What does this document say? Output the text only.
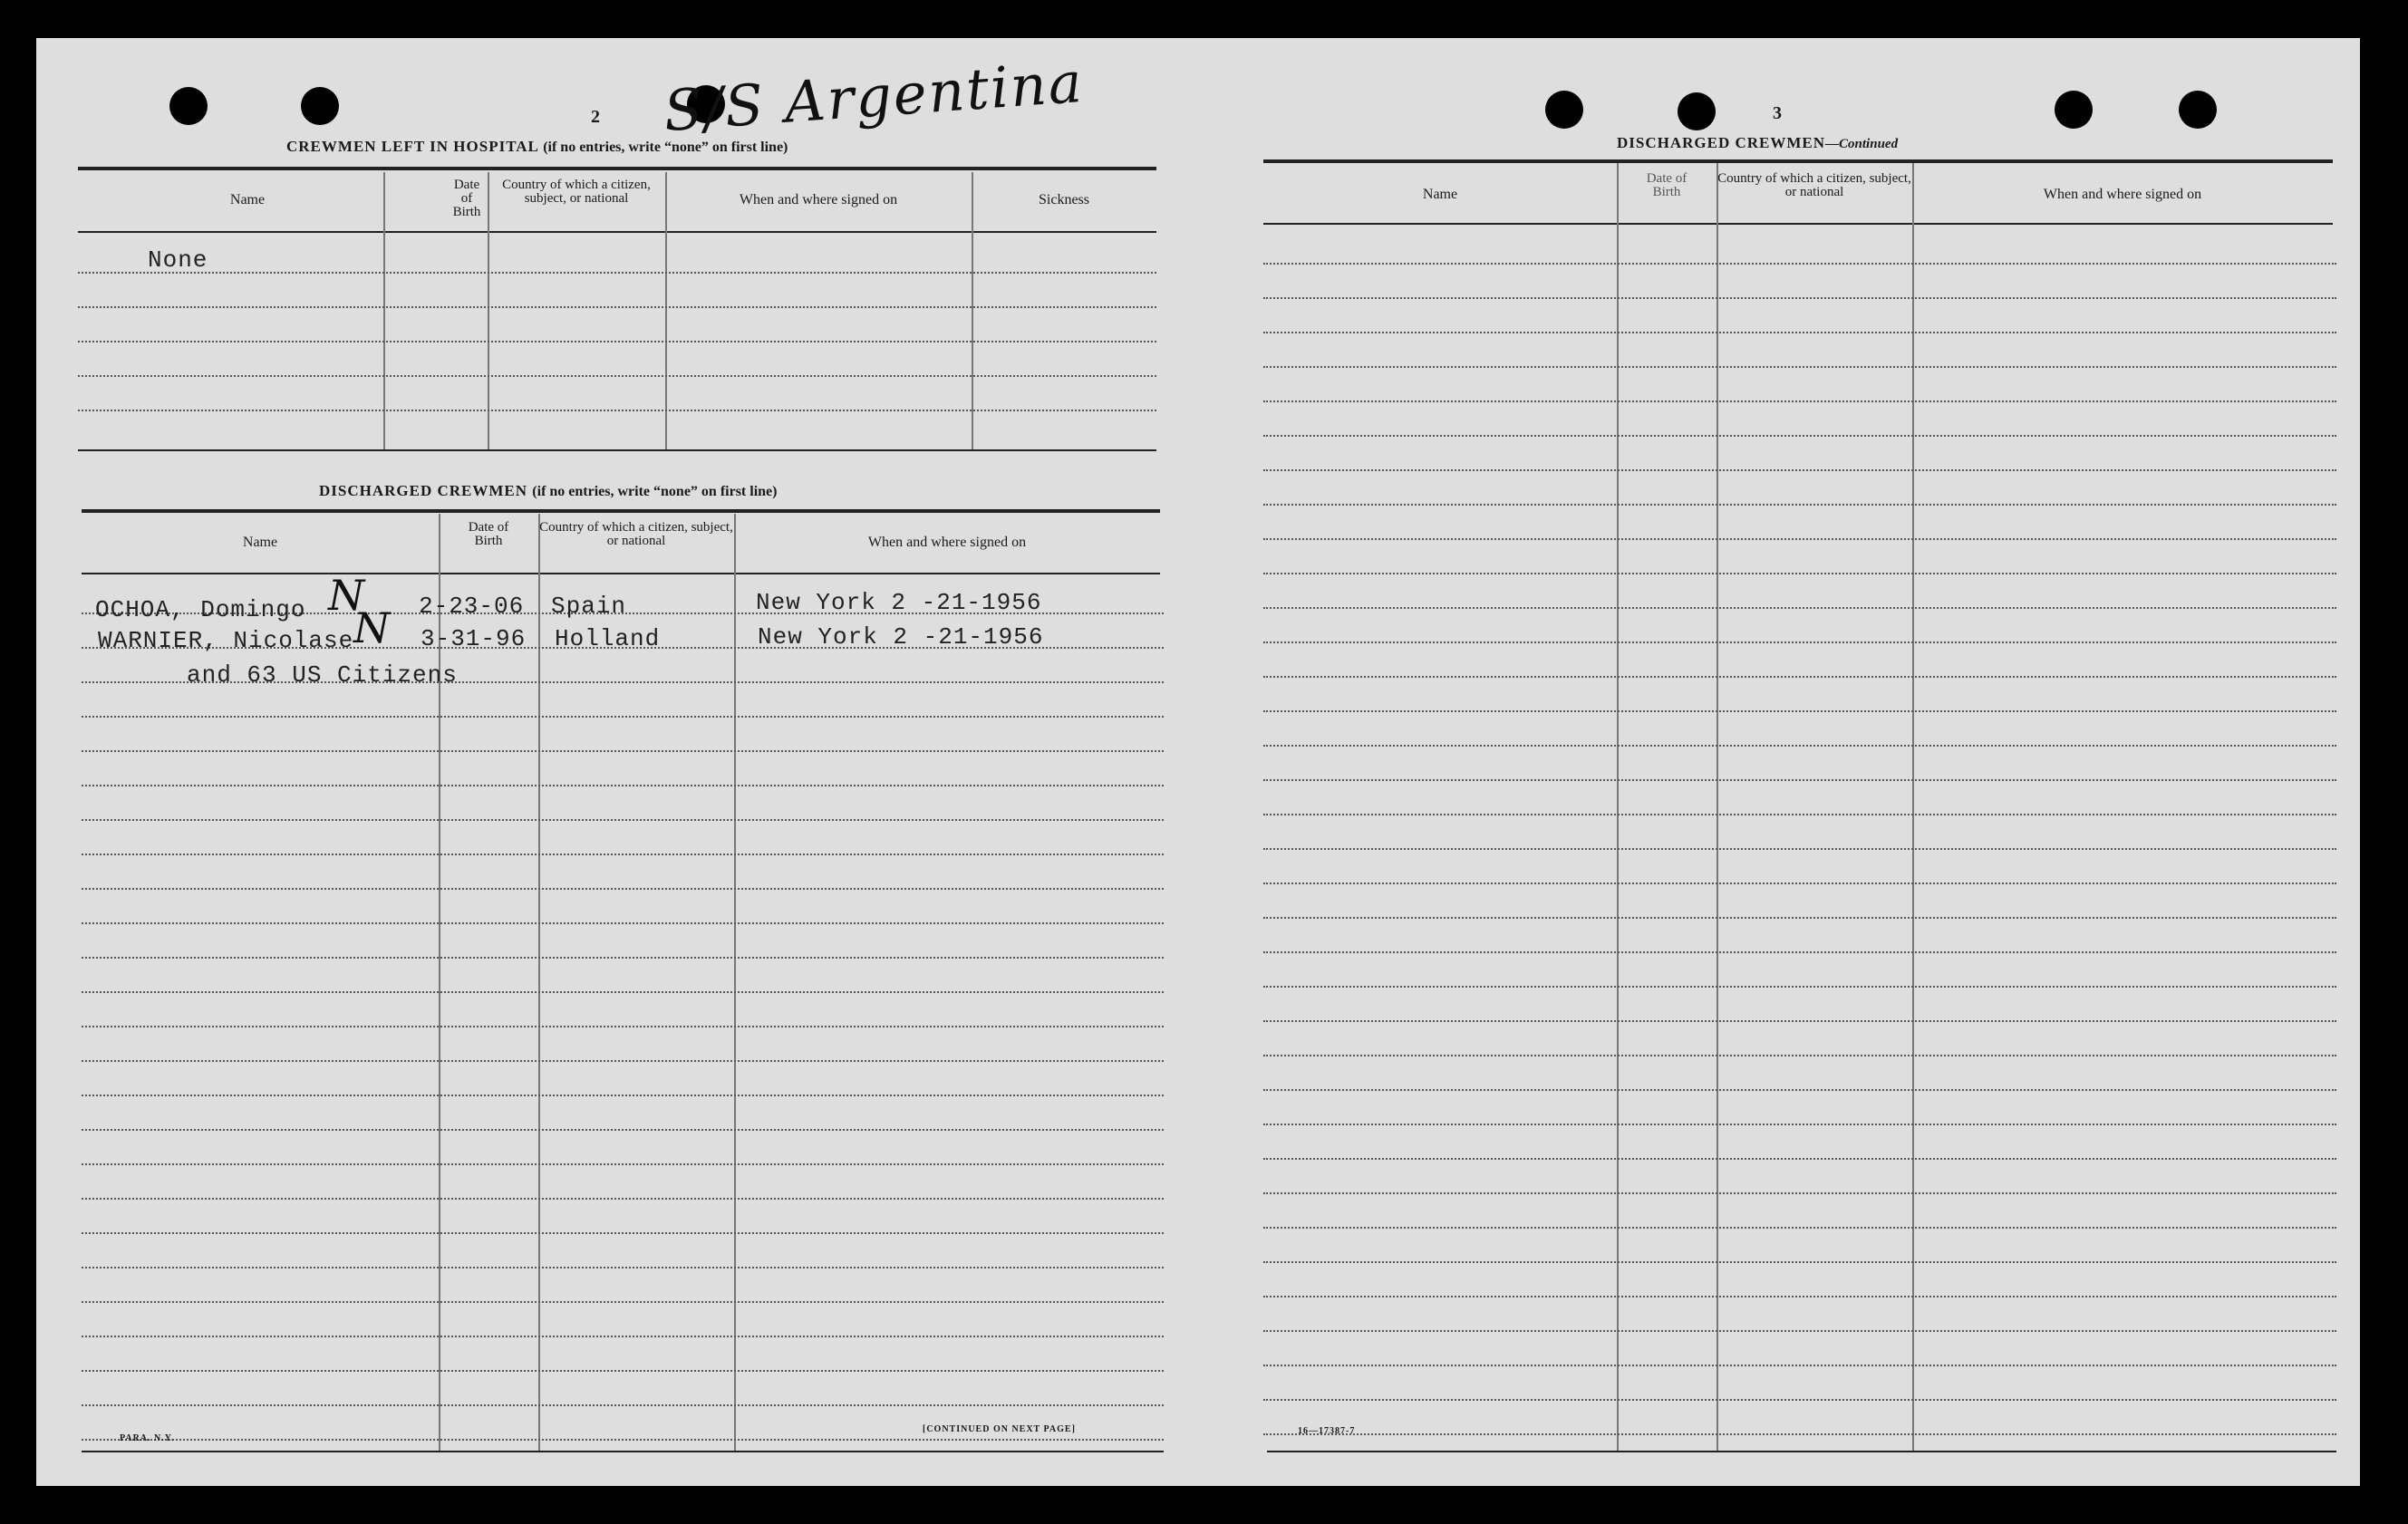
2 S/S Argentina
CREWMEN LEFT IN HOSPITAL (if no entries, write “none” on first line)
Name
Date of Birth
Country of which a citizen, subject, or national	When and where signed on	Sickness
None
DISCHARGED CREWMEN (if no entries, write “none” on first line)
Name
Date of Birth
Country of which a citizen, subject, or national	When and where signed on
OCHOA, Domingo N 2-23-06 Spain	New York 2 -21-1956
WARNIER, Nicolase N 3-31-96 Holland	New York 2 -21-1956
and 63 US Citizens
PARA. N.Y.
[CONTINUED ON NEXT PAGE]
3
DISCHARGED CREWMEN—Continued
Name
Date of Birth
Country of which a citizen, subject, or national	When and where signed on
16—17387-7
